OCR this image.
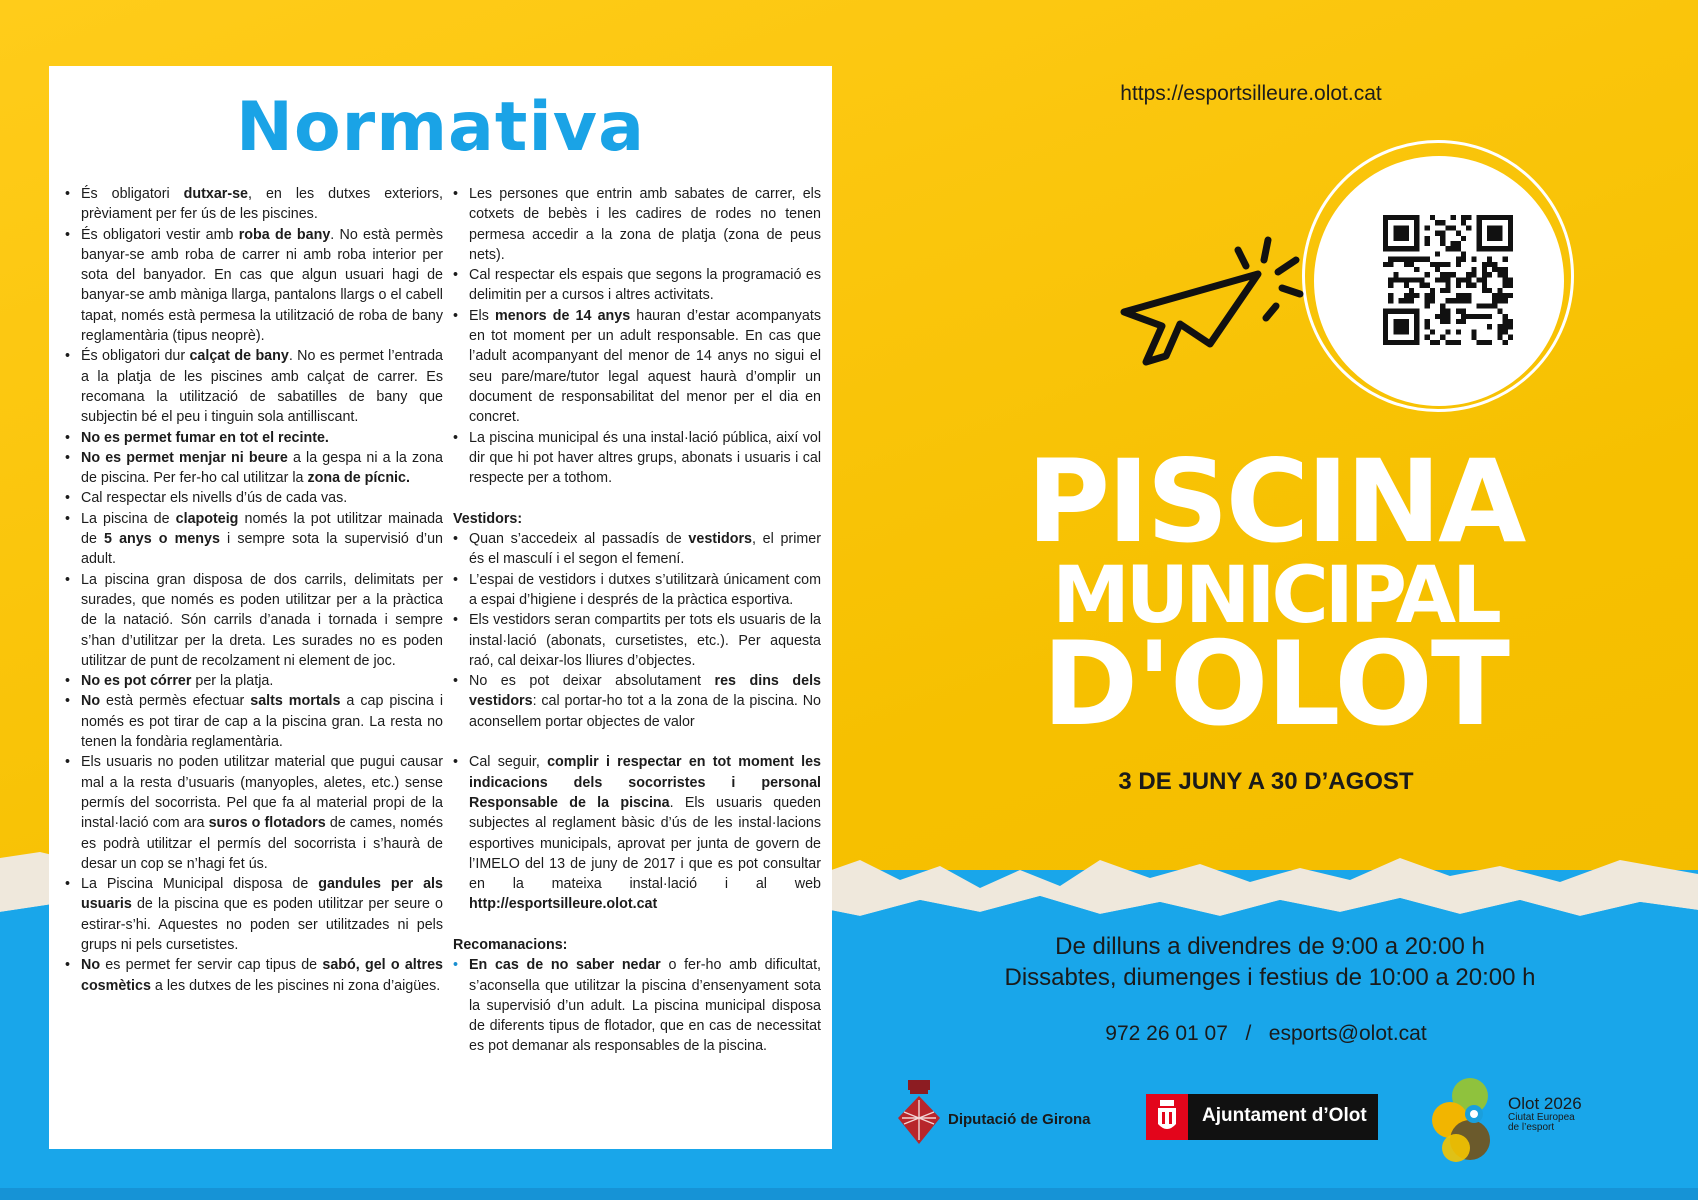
Normativa
• És obligatori dutxar-se, en les dutxes exteriors, prèviament per fer ús de les piscines.
• És obligatori vestir amb roba de bany. No està permès banyar-se amb roba de carrer ni amb roba interior per sota del banyador. En cas que algun usuari hagi de banyar-se amb màniga llarga, pantalons llargs o el cabell tapat, només està permesa la utilització de roba de bany reglamentària (tipus neoprè).
• És obligatori dur calçat de bany. No es permet l’entrada a la platja de les piscines amb calçat de carrer. Es recomana la utilització de sabatilles de bany que subjectin bé el peu i tinguin sola antilliscant.
• No es permet fumar en tot el recinte.
• No es permet menjar ni beure a la gespa ni a la zona de piscina. Per fer-ho cal utilitzar la zona de pícnic.
• Cal respectar els nivells d’ús de cada vas.
• La piscina de clapoteig només la pot utilitzar mainada de 5 anys o menys i sempre sota la supervisió d’un adult.
• La piscina gran disposa de dos carrils, delimitats per surades, que només es poden utilitzar per a la pràctica de la natació. Són carrils d’anada i tornada i sempre s’han d’utilitzar per la dreta. Les surades no es poden utilitzar de punt de recolzament ni element de joc.
• No es pot córrer per la platja.
• No està permès efectuar salts mortals a cap piscina i només es pot tirar de cap a la piscina gran. La resta no tenen la fondària reglamentària.
• Els usuaris no poden utilitzar material que pugui causar mal a la resta d’usuaris (manyoples, aletes, etc.) sense permís del socorrista. Pel que fa al material propi de la instal·lació com ara suros o flotadors de cames, només es podrà utilitzar el permís del socorrista i s’haurà de desar un cop se n’hagi fet ús.
• La Piscina Municipal disposa de gandules per als usuaris de la piscina que es poden utilitzar per seure o estirar-s’hi. Aquestes no poden ser utilitzades ni pels grups ni pels cursetistes.
• No es permet fer servir cap tipus de sabó, gel o altres cosmètics a les dutxes de les piscines ni zona d’aigües.
• Les persones que entrin amb sabates de carrer, els cotxets de bebès i les cadires de rodes no tenen permesa accedir a la zona de platja (zona de peus nets).
• Cal respectar els espais que segons la programació es delimitin per a cursos i altres activitats.
• Els menors de 14 anys hauran d’estar acompanyats en tot moment per un adult responsable. En cas que l’adult acompanyant del menor de 14 anys no sigui el seu pare/mare/tutor legal aquest haurà d’omplir un document de responsabilitat del menor per el dia en concret.
• La piscina municipal és una instal·lació pública, així vol dir que hi pot haver altres grups, abonats i usuaris i cal respecte per a tothom.
Vestidors:
• Quan s’accedeix al passadís de vestidors, el primer és el masculí i el segon el femení.
• L’espai de vestidors i dutxes s’utilitzarà únicament com a espai d’higiene i després de la pràctica esportiva.
• Els vestidors seran compartits per tots els usuaris de la instal·lació (abonats, cursetistes, etc.). Per aquesta raó, cal deixar-los lliures d’objectes.
• No es pot deixar absolutament res dins dels vestidors: cal portar-ho tot a la zona de la piscina. No aconsellem portar objectes de valor
• Cal seguir, complir i respectar en tot moment les indicacions dels socorristes i personal Responsable de la piscina. Els usuaris queden subjectes al reglament bàsic d’ús de les instal·lacions esportives municipals, aprovat per junta de govern de l’IMELO del 13 de juny de 2017 i que es pot consultar en la mateixa instal·lació i al web http://esportsilleure.olot.cat
Recomanacions:
• En cas de no saber nedar o fer-ho amb dificultat, s’aconsella que utilitzar la piscina d’ensenyament sota la supervisió d’un adult. La piscina municipal disposa de diferents tipus de flotador, que en cas de necessitat es pot demanar als responsables de la piscina.
https://esportsilleure.olot.cat
PISCINA
MUNICIPAL
D'OLOT
3 DE JUNY A 30 D’AGOST
De dilluns a divendres de 9:00 a 20:00 h
Dissabtes, diumenges i festius de 10:00 a 20:00 h
972 26 01 07 / esports@olot.cat
Diputació de Girona	Ajuntament d’Olot
Olot 2026
Ciutat Europea
de l’esport
